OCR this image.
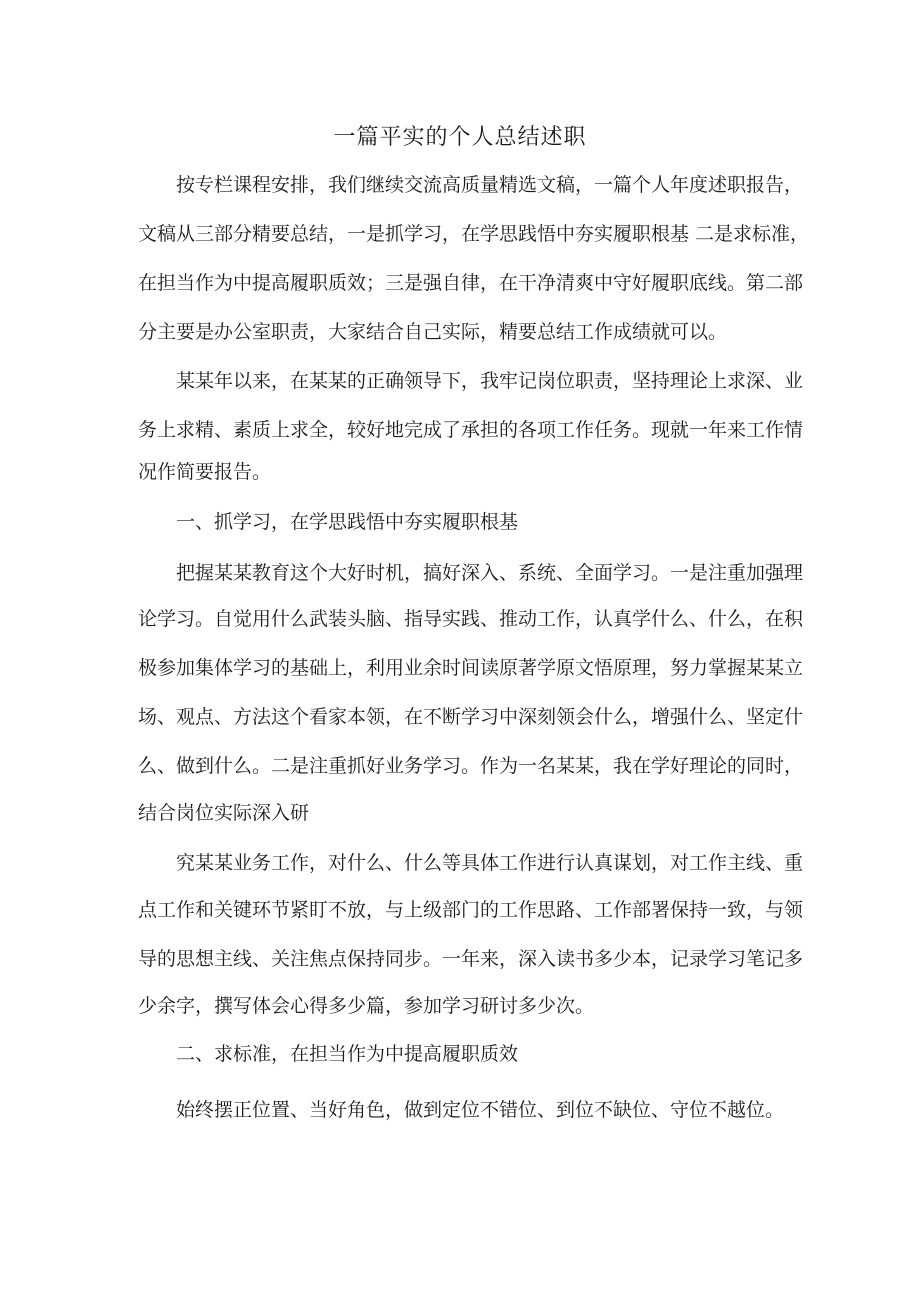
一篇平实的个人总结述职

按专栏课程安排，我们继续交流高质量精选文稿，一篇个人年度述职报告，

文稿从三部分精要总结，一是抓学习，在学思践悟中夯实履职根基 二是求标准，

在担当作为中提高履职质效；三是强自律，在干净清爽中守好履职底线。第二部

分主要是办公室职责，大家结合自己实际，精要总结工作成绩就可以。

某某年以来，在某某的正确领导下，我牢记岗位职责，坚持理论上求深、业

务上求精、素质上求全，较好地完成了承担的各项工作任务。现就一年来工作情

况作简要报告。

一、抓学习，在学思践悟中夯实履职根基

把握某某教育这个大好时机，搞好深入、系统、全面学习。一是注重加强理

论学习。自觉用什么武装头脑、指导实践、推动工作，认真学什么、什么，在积

极参加集体学习的基础上，利用业余时间读原著学原文悟原理，努力掌握某某立

场、观点、方法这个看家本领，在不断学习中深刻领会什么，增强什么、坚定什

么、做到什么。二是注重抓好业务学习。作为一名某某，我在学好理论的同时，

结合岗位实际深入研

究某某业务工作，对什么、什么等具体工作进行认真谋划，对工作主线、重

点工作和关键环节紧盯不放，与上级部门的工作思路、工作部署保持一致，与领

导的思想主线、关注焦点保持同步。一年来，深入读书多少本，记录学习笔记多

少余字，撰写体会心得多少篇，参加学习研讨多少次。

二、求标准，在担当作为中提高履职质效

始终摆正位置、当好角色，做到定位不错位、到位不缺位、守位不越位。
